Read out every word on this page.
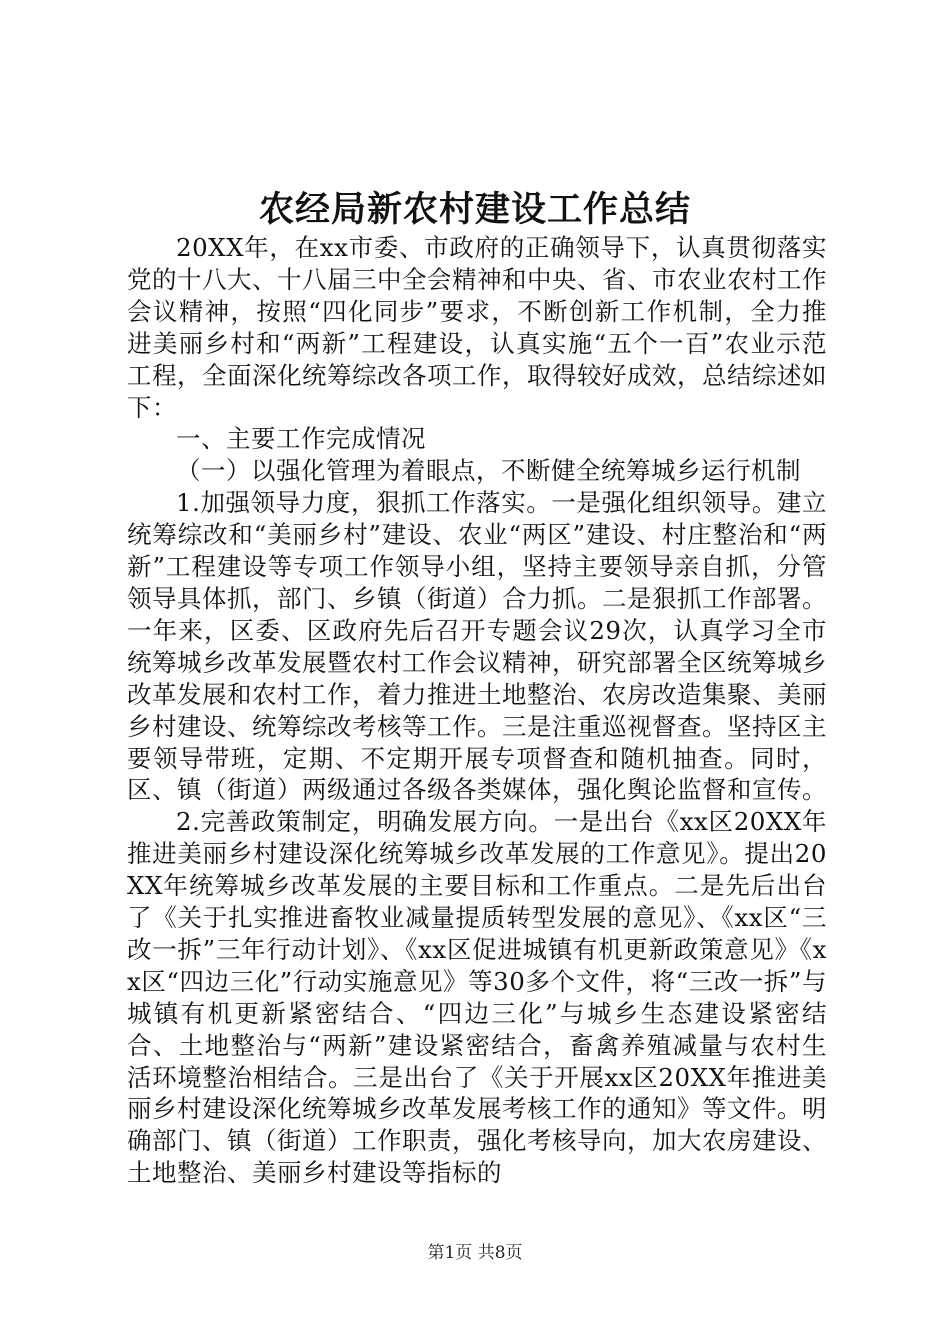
农经局新农村建设工作总结

20XX年，在xx市委、市政府的正确领导下，认真贯彻落实党的十八大、十八届三中全会精神和中央、省、市农业农村工作会议精神，按照“四化同步”要求，不断创新工作机制，全力推进美丽乡村和“两新”工程建设，认真实施“五个一百”农业示范工程，全面深化统筹综改各项工作，取得较好成效，总结综述如下：

一、主要工作完成情况

（一）以强化管理为着眼点，不断健全统筹城乡运行机制

1.加强领导力度，狠抓工作落实。一是强化组织领导。建立统筹综改和“美丽乡村”建设、农业“两区”建设、村庄整治和“两新”工程建设等专项工作领导小组，坚持主要领导亲自抓，分管领导具体抓，部门、乡镇（街道）合力抓。二是狠抓工作部署。一年来，区委、区政府先后召开专题会议29次，认真学习全市统筹城乡改革发展暨农村工作会议精神，研究部署全区统筹城乡改革发展和农村工作，着力推进土地整治、农房改造集聚、美丽乡村建设、统筹综改考核等工作。三是注重巡视督查。坚持区主要领导带班，定期、不定期开展专项督查和随机抽查。同时，区、镇（街道）两级通过各级各类媒体，强化舆论监督和宣传。

2.完善政策制定，明确发展方向。一是出台《xx区20XX年推进美丽乡村建设深化统筹城乡改革发展的工作意见》。提出20XX年统筹城乡改革发展的主要目标和工作重点。二是先后出台了《关于扎实推进畜牧业减量提质转型发展的意见》、《xx区“三改一拆”三年行动计划》、《xx区促进城镇有机更新政策意见》《xx区“四边三化”行动实施意见》等30多个文件，将“三改一拆”与城镇有机更新紧密结合、“四边三化”与城乡生态建设紧密结合、土地整治与“两新”建设紧密结合，畜禽养殖减量与农村生活环境整治相结合。三是出台了《关于开展xx区20XX年推进美丽乡村建设深化统筹城乡改革发展考核工作的通知》等文件。明确部门、镇（街道）工作职责，强化考核导向，加大农房建设、土地整治、美丽乡村建设等指标的

第1页 共8页
